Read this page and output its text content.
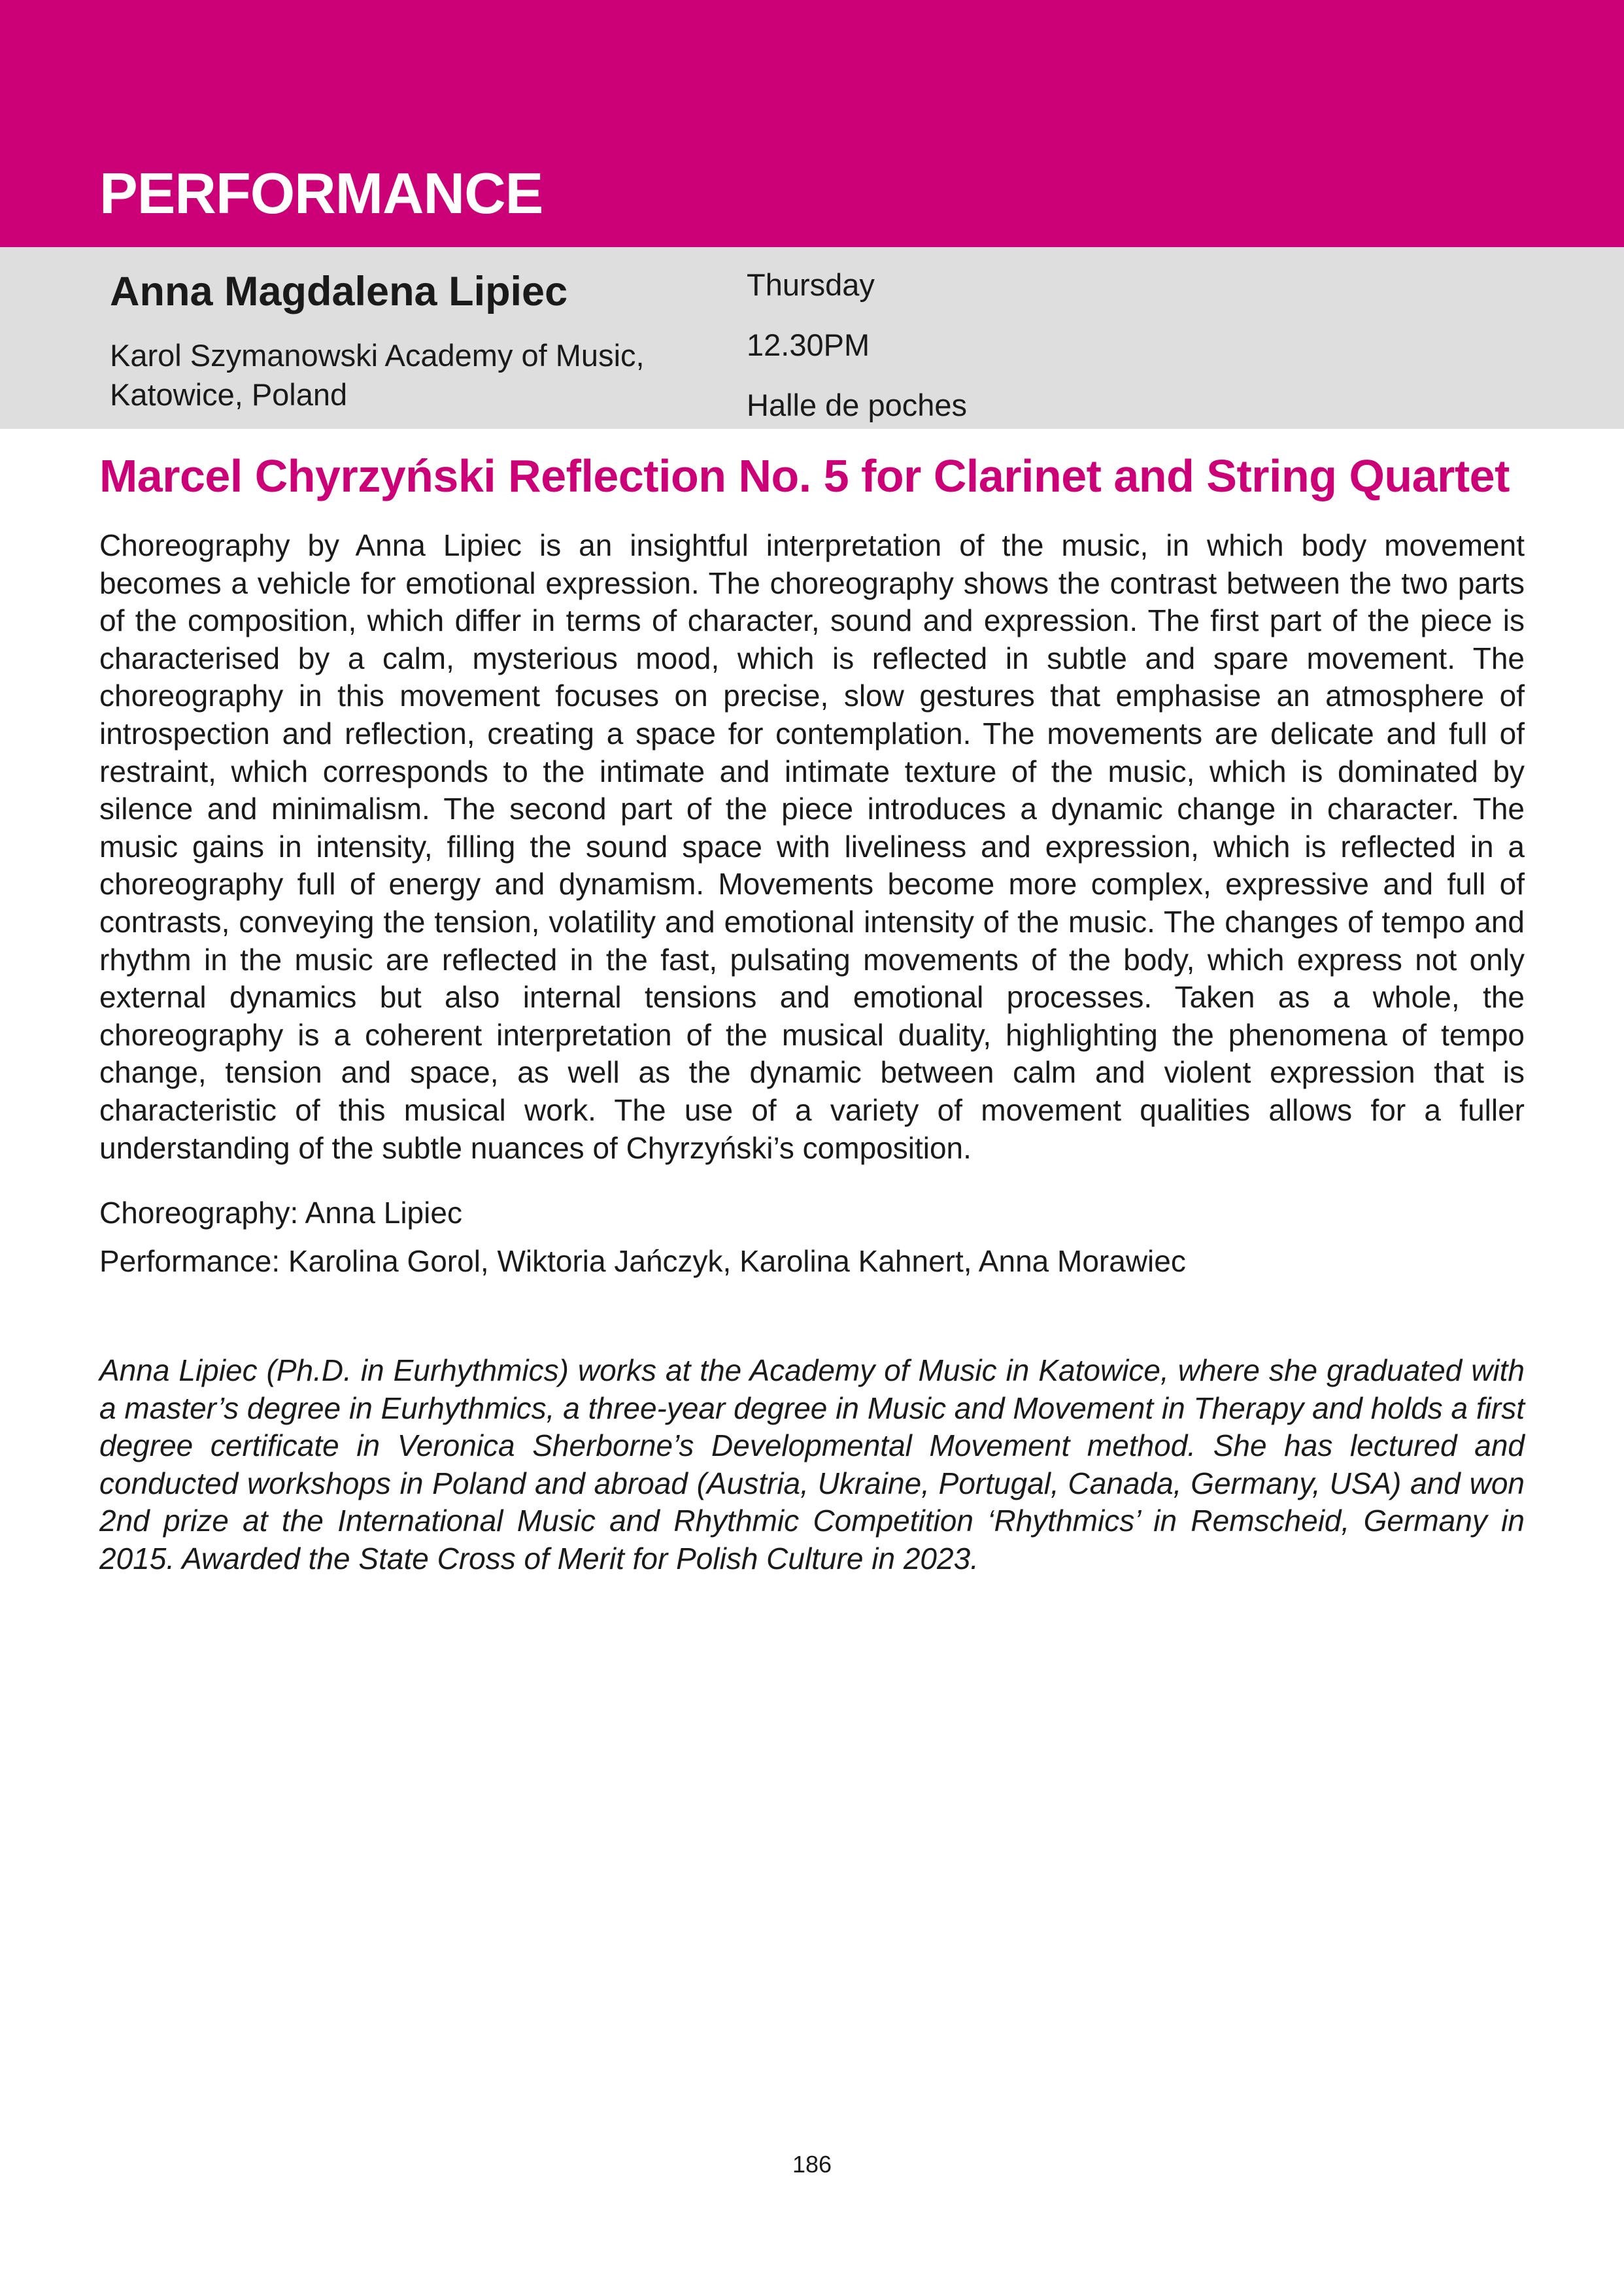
PERFORMANCE
Anna Magdalena Lipiec

Karol Szymanowski Academy of Music,
Katowice, Poland

Thursday
12.30PM
Halle de poches
Marcel Chyrzyński Reflection No. 5 for Clarinet and String Quartet

Choreography by Anna Lipiec is an insightful interpretation of the music, in which body movement becomes a vehicle for emotional expression. The choreography shows the contrast between the two parts of the composition, which differ in terms of character, sound and expression. The first part of the piece is characterised by a calm, mysterious mood, which is reflected in subtle and spare movement. The choreography in this movement focuses on precise, slow gestures that emphasise an atmosphere of introspection and reflection, creating a space for contemplation. The movements are delicate and full of restraint, which corresponds to the intimate and intimate texture of the music, which is dominated by silence and minimalism. The second part of the piece introduces a dynamic change in character. The music gains in intensity, filling the sound space with liveliness and expression, which is reflected in a choreography full of energy and dynamism. Movements become more complex, expressive and full of contrasts, conveying the tension, volatility and emotional intensity of the music. The changes of tempo and rhythm in the music are reflected in the fast, pulsating movements of the body, which express not only external dynamics but also internal tensions and emotional processes. Taken as a whole, the choreography is a coherent interpretation of the musical duality, highlighting the phenomena of tempo change, tension and space, as well as the dynamic between calm and violent expression that is characteristic of this musical work. The use of a variety of movement qualities allows for a fuller understanding of the subtle nuances of Chyrzyński’s composition.

Choreography: Anna Lipiec

Performance: Karolina Gorol, Wiktoria Jańczyk, Karolina Kahnert, Anna Morawiec

Anna Lipiec (Ph.D. in Eurhythmics) works at the Academy of Music in Katowice, where she graduated with a master’s degree in Eurhythmics, a three-year degree in Music and Movement in Therapy and holds a first degree certificate in Veronica Sherborne’s Developmental Movement method. She has lectured and conducted workshops in Poland and abroad (Austria, Ukraine, Portugal, Canada, Germany, USA) and won 2nd prize at the International Music and Rhythmic Competition ‘Rhythmics’ in Remscheid, Germany in 2015. Awarded the State Cross of Merit for Polish Culture in 2023.

186
